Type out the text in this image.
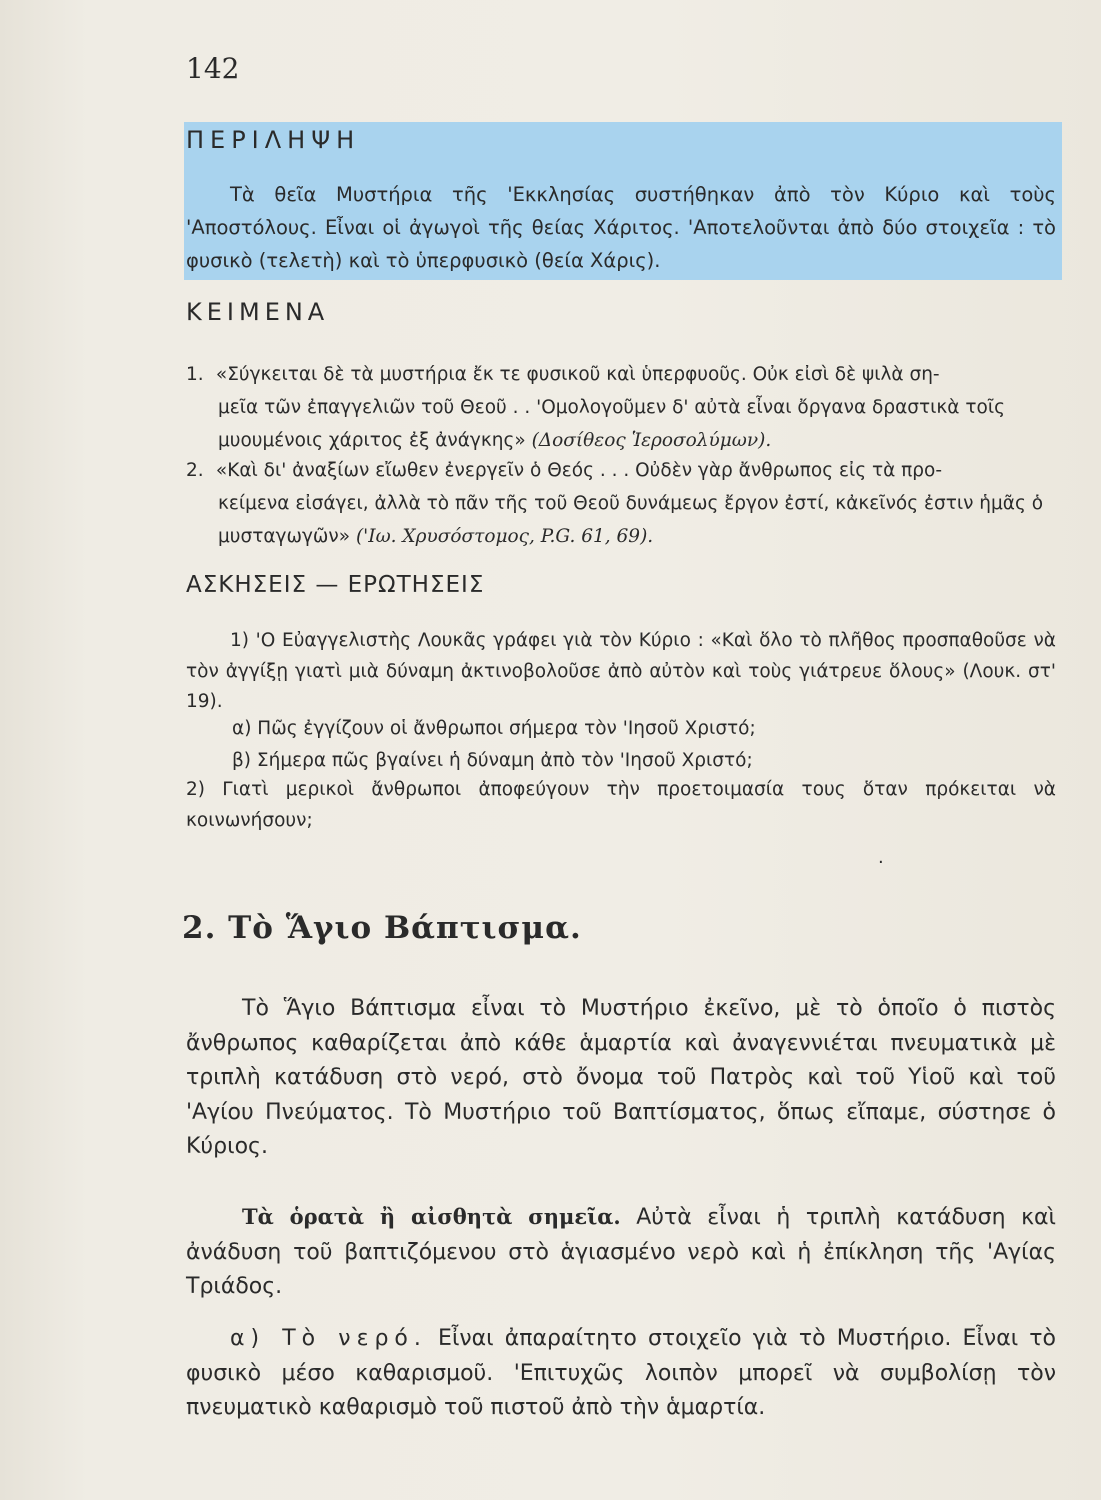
142
ΠΕΡΙΛΗΨΗ
Τὰ θεῖα Μυστήρια τῆς 'Εκκλησίας συστήθηκαν ἀπὸ τὸν Κύριο καὶ τοὺς 'Αποστόλους. Εἶναι οἱ ἀγωγοὶ τῆς θείας Χάριτος. 'Αποτελοῦνται ἀπὸ δύο στοιχεῖα : τὸ φυσικὸ (τελετὴ) καὶ τὸ ὑπερφυσικὸ (θεία Χάρις).
ΚΕΙΜΕΝΑ
1. «Σύγκειται δὲ τὰ μυστήρια ἔκ τε φυσικοῦ καὶ ὑπερφυοῦς. Οὐκ εἰσὶ δὲ ψιλὰ ση-
μεῖα τῶν ἐπαγγελιῶν τοῦ Θεοῦ . . 'Ομολογοῦμεν δ' αὐτὰ εἶναι ὄργανα δραστικὰ τοῖς μυουμένοις χάριτος ἐξ ἀνάγκης» (Δοσίθεος Ἱεροσολύμων).
2. «Καὶ δι' ἀναξίων εἴωθεν ἐνεργεῖν ὁ Θεός . . . Οὐδὲν γὰρ ἄνθρωπος εἰς τὰ προ-
κείμενα εἰσάγει, ἀλλὰ τὸ πᾶν τῆς τοῦ Θεοῦ δυνάμεως ἔργον ἐστί, κἀκεῖνός ἐστιν ἡμᾶς ὁ μυσταγωγῶν» ('Ιω. Χρυσόστομος, P.G. 61, 69).
ΑΣΚΗΣΕΙΣ — ΕΡΩΤΗΣΕΙΣ
1) 'Ο Εὐαγγελιστὴς Λουκᾶς γράφει γιὰ τὸν Κύριο : «Καὶ ὅλο τὸ πλῆθος προσπαθοῦσε νὰ τὸν ἀγγίξῃ γιατὶ μιὰ δύναμη ἀκτινοβολοῦσε ἀπὸ αὐτὸν καὶ τοὺς γιάτρευε ὅλους» (Λουκ. στ' 19).
α) Πῶς ἐγγίζουν οἱ ἄνθρωποι σήμερα τὸν 'Ιησοῦ Χριστό;
β) Σήμερα πῶς βγαίνει ἡ δύναμη ἀπὸ τὸν 'Ιησοῦ Χριστό;
2) Γιατὶ μερικοὶ ἄνθρωποι ἀποφεύγουν τὴν προετοιμασία τους ὅταν πρόκειται νὰ κοινωνήσουν;
·
2. Τὸ Ἅγιο Βάπτισμα.
Τὸ Ἅγιο Βάπτισμα εἶναι τὸ Μυστήριο ἐκεῖνο, μὲ τὸ ὁποῖο ὁ πιστὸς ἄνθρωπος καθαρίζεται ἀπὸ κάθε ἁμαρτία καὶ ἀναγεννιέται πνευματικὰ μὲ τριπλὴ κατάδυση στὸ νερό, στὸ ὄνομα τοῦ Πατρὸς καὶ τοῦ Υἱοῦ καὶ τοῦ 'Αγίου Πνεύματος. Τὸ Μυστήριο τοῦ Βαπτίσματος, ὅπως εἴπαμε, σύστησε ὁ Κύριος.
Τὰ ὁρατὰ ἢ αἰσθητὰ σημεῖα. Αὐτὰ εἶναι ἡ τριπλὴ κατάδυση καὶ ἀνάδυση τοῦ βαπτιζόμενου στὸ ἁγιασμένο νερὸ καὶ ἡ ἐπίκληση τῆς 'Αγίας Τριάδος.
α) Τὸ νερό. Εἶναι ἀπαραίτητο στοιχεῖο γιὰ τὸ Μυστήριο. Εἶναι τὸ φυσικὸ μέσο καθαρισμοῦ. 'Επιτυχῶς λοιπὸν μπορεῖ νὰ συμβολίσῃ τὸν πνευματικὸ καθαρισμὸ τοῦ πιστοῦ ἀπὸ τὴν ἁμαρτία.
